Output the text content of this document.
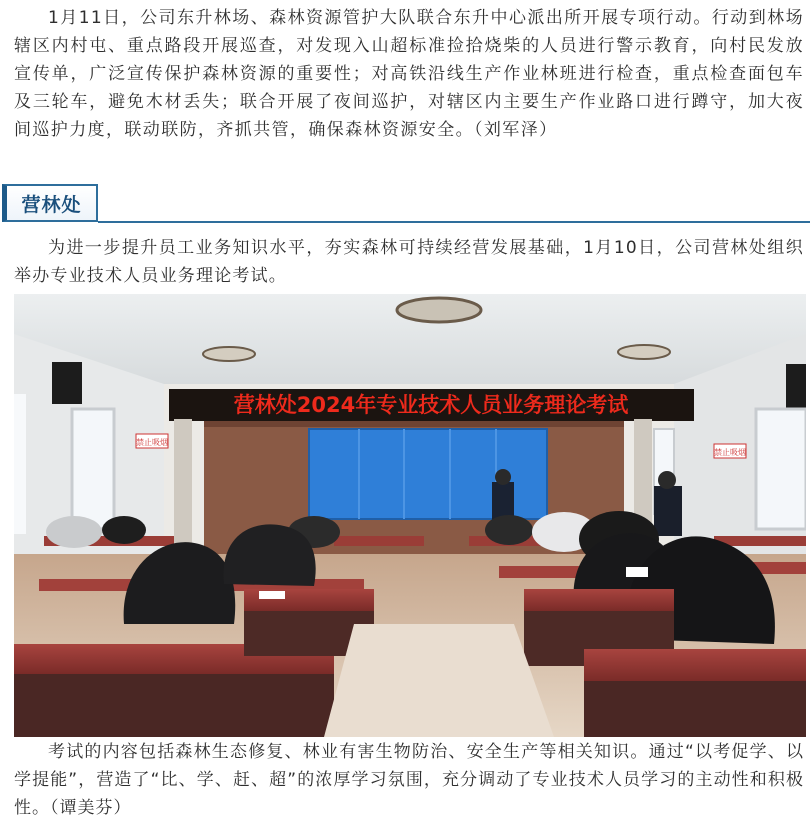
1月11日，公司东升林场、森林资源管护大队联合东升中心派出所开展专项行动。行动到林场辖区内村屯、重点路段开展巡查，对发现入山超标准捡拾烧柴的人员进行警示教育，向村民发放宣传单，广泛宣传保护森林资源的重要性；对高铁沿线生产作业林班进行检查，重点检查面包车及三轮车，避免木材丢失；联合开展了夜间巡护，对辖区内主要生产作业路口进行蹲守，加大夜间巡护力度，联动联防，齐抓共管，确保森林资源安全。（刘军泽）

营林处

为进一步提升员工业务知识水平，夯实森林可持续经营发展基础，1月10日，公司营林处组织举办专业技术人员业务理论考试。

营林处2024年专业技术人员业务理论考试
禁止吸烟
禁止吸烟

考试的内容包括森林生态修复、林业有害生物防治、安全生产等相关知识。通过“以考促学、以学提能”，营造了“比、学、赶、超”的浓厚学习氛围，充分调动了专业技术人员学习的主动性和积极性。（谭美芬）
